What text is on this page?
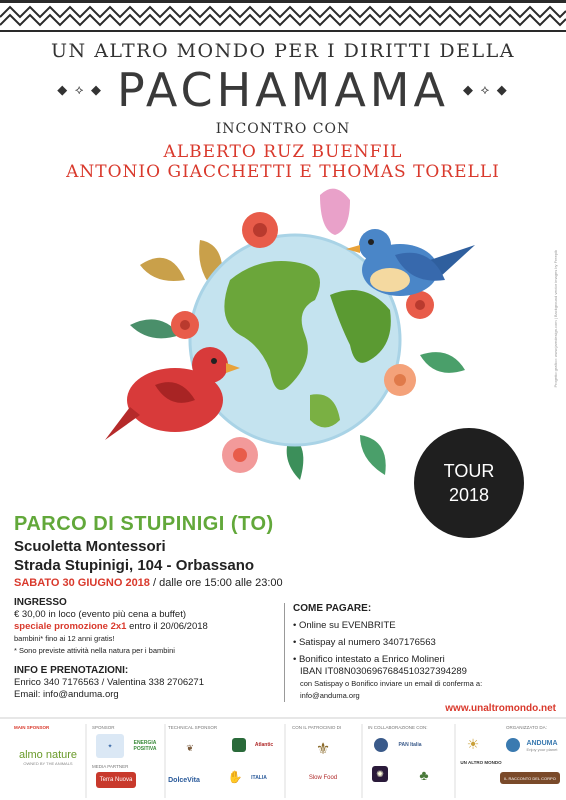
UN ALTRO MONDO PER I DIRITTI DELLA
◆ ⟡ ◆ PACHAMAMA ◆ ⟡ ◆
INCONTRO CON
ALBERTO RUZ BUENFIL
ANTONIO GIACCHETTI E THOMAS TORELLI
Progetto grafico: www.jaredesign.com | Background vector images by Freepik
TOUR
2018
PARCO DI STUPINIGI (TO)
Scuoletta Montessori
Strada Stupinigi, 104 - Orbassano
SABATO 30 GIUGNO 2018 / dalle ore 15:00 alle 23:00
INGRESSO
€ 30,00 in loco (evento più cena a buffet)
speciale promozione 2x1 entro il 20/06/2018
bambini* fino ai 12 anni gratis!
* Sono previste attività nella natura per i bambini
INFO E PRENOTAZIONI:
Enrico 340 7176563 / Valentina 338 2706271
Email: info@anduma.org
COME PAGARE:
• Online su EVENBRITE
• Satispay al numero 3407176563
• Bonifico intestato a Enrico Molineri
IBAN IT08N0306967684510327394289
con Satispay o Bonifico inviare un email di conferma a:
info@anduma.org
www.unaltromondo.net
MAIN SPONSOR	SPONSOR	TECHNICAL SPONSOR	CON IL PATROCINIO DI	IN COLLABORAZIONE CON:	ORGANIZZATO DA:
MEDIA PARTNER
almo nature
OWNED BY THE ANIMALS
✦
ENERGIA POSITIVA	❦	Atlantic
Terra Nuova	DolceVita	✋	ITALIA
⚜
Slow Food
PAN Italia
✺	♣
☀
UN ALTRO MONDO
ANDUMA
Enjoy your planet
IL RACCONTO DEL CORPO
